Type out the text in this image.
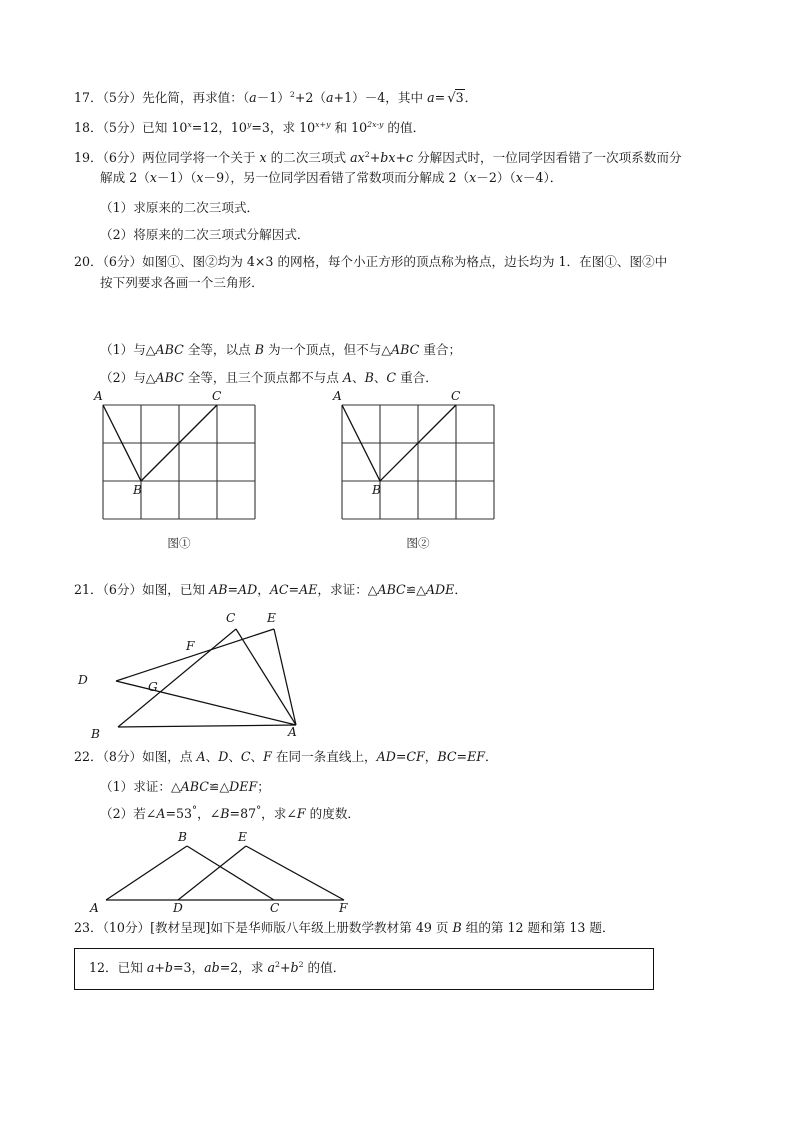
17．（5分）先化简，再求值：$(a-1)^2+2(a+1)-4$，其中 a= √3．
18．（5分）已知 $10^x=12$，$10^y=3$，求 $10^{x+y}$ 和 $10^{2x-y}$ 的值．
19．（6分）两位同学将一个关于 x 的二次三项式 $ax^2+bx+c$ 分解因式时，一位同学因看错了一次项系数而分
解成 2（x－1）（x－9），另一位同学因看错了常数项而分解成 2（x－2）（x－4）．
（1）求原来的二次三项式．
（2）将原来的二次三项式分解因式．
20．（6分）如图①、图②均为 4×3 的网格，每个小正方形的顶点称为格点，边长均为 1．在图①、图②中
按下列要求各画一个三角形．
（1）与△ABC 全等，以点 B 为一个顶点，但不与△ABC 重合；
（2）与△ABC 全等，且三个顶点都不与点 A、B、C 重合．
A
B
C
图①
A
B
C
图②
21．（6分）如图，已知 AB=AD，AC=AE，求证：△ABC≌△ADE．
C	E
F
D	G
B	A
22．（8分）如图，点 A、D、C、F 在同一条直线上，AD=CF，BC=EF．
（1）求证：△ABC≌△DEF；
（2）若∠A=53°，∠B=87°，求∠F 的度数．
B	E
A	D	C	F
23．（10分）[教材呈现]如下是华师版八年级上册数学教材第 49 页 B 组的第 12 题和第 13 题．
12．已知 a+b=3，ab=2，求 $a^2+b^2$ 的值．
